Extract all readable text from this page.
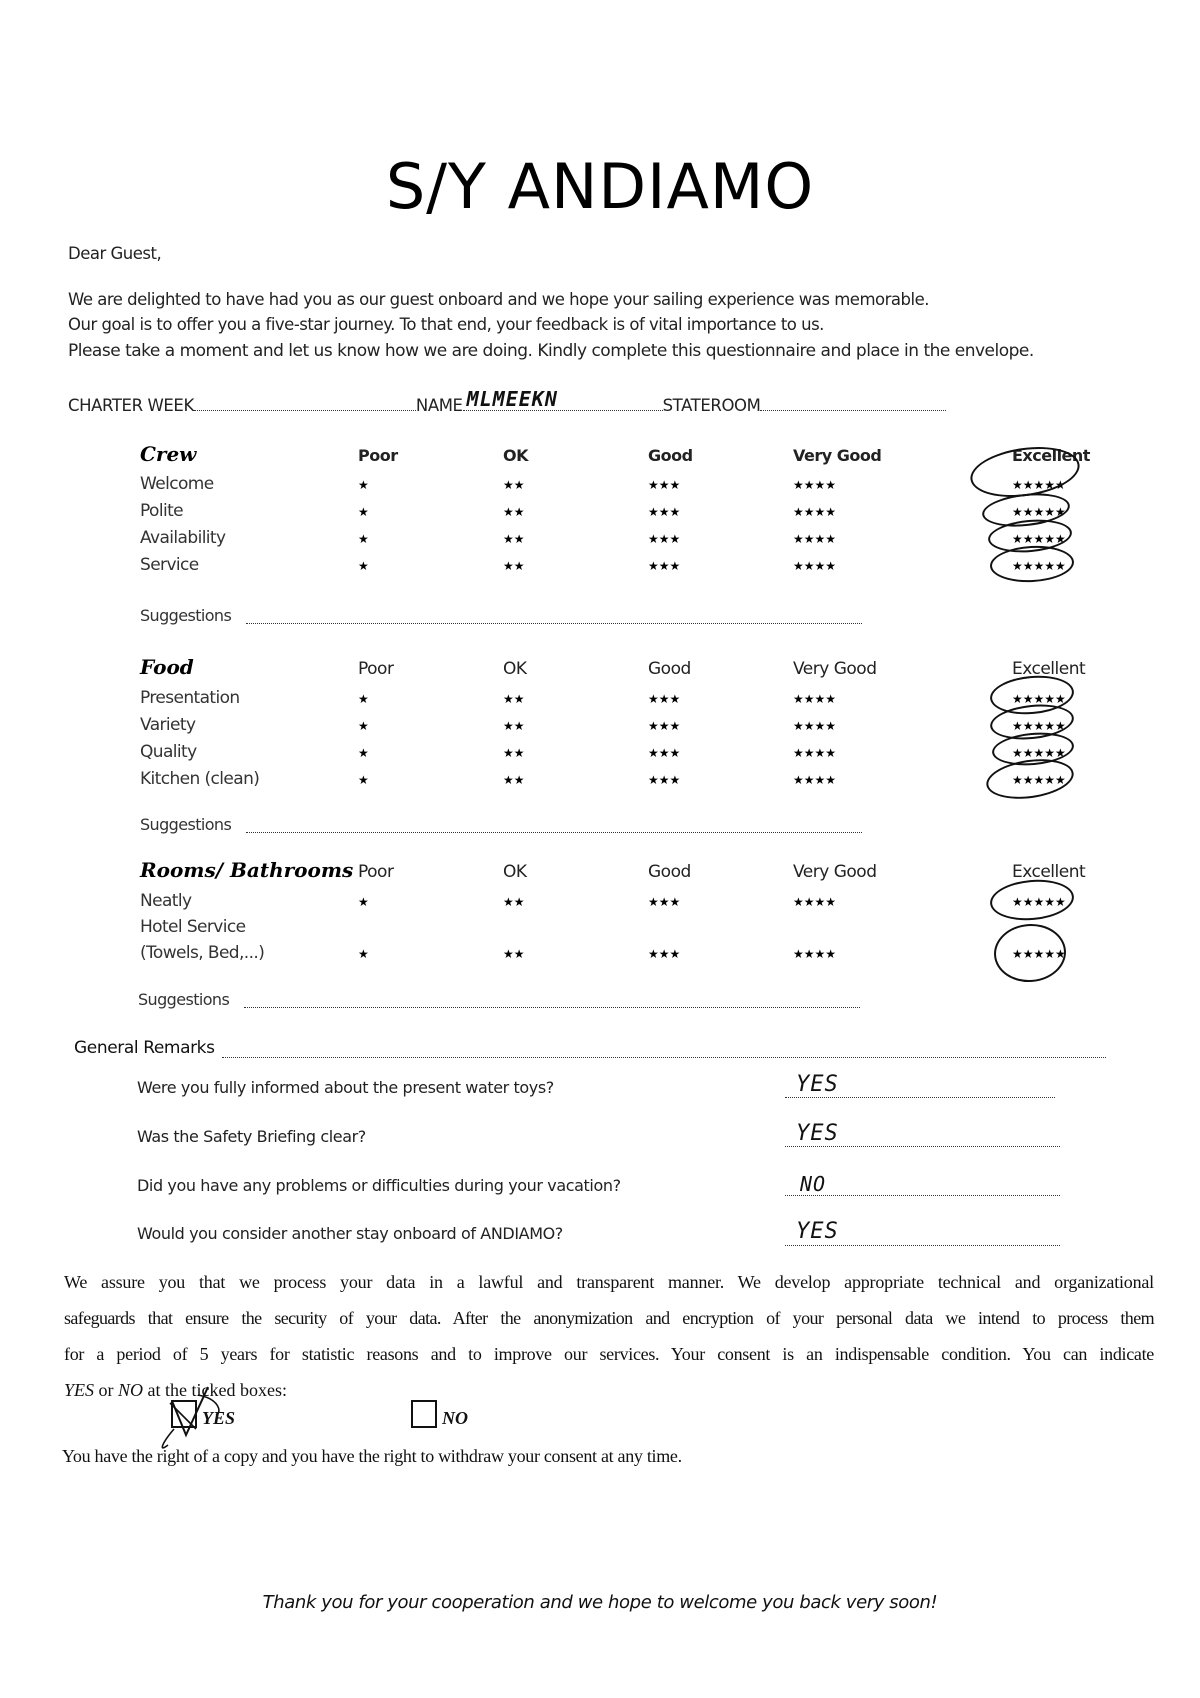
S/Y ANDIAMO
Dear Guest,
We are delighted to have had you as our guest onboard and we hope your sailing experience was memorable.
Our goal is to offer you a five-star journey. To that end, your feedback is of vital importance to us.
Please take a moment and let us know how we are doing. Kindly complete this questionnaire and place in the envelope.
CHARTER WEEK	NAME MLMEEKN	STATEROOM
Crew	Poor	OK	Good	Very Good	Excellent
Welcome	★	★★	★★★	★★★★	★★★★★
Polite	★	★★	★★★	★★★★	★★★★★
Availability	★	★★	★★★	★★★★	★★★★★
Service	★	★★	★★★	★★★★	★★★★★
Suggestions
Food	Poor	OK	Good	Very Good	Excellent
Presentation	★	★★	★★★	★★★★	★★★★★
Variety	★	★★	★★★	★★★★	★★★★★
Quality	★	★★	★★★	★★★★	★★★★★
Kitchen (clean)	★	★★	★★★	★★★★	★★★★★
Suggestions
Rooms/ Bathrooms Poor	OK	Good	Very Good	Excellent
Neatly	★	★★	★★★	★★★★	★★★★★
Hotel Service
(Towels, Bed,...)	★	★★	★★★	★★★★	★★★★★
Suggestions
General Remarks
Were you fully informed about the present water toys?	YES
Was the Safety Briefing clear?	YES
Did you have any problems or difficulties during your vacation?	NO
Would you consider another stay onboard of ANDIAMO?	YES
We assure you that we process your data in a lawful and transparent manner. We develop appropriate technical and organizational
safeguards that ensure the security of your data. After the anonymization and encryption of your personal data we intend to process them
for a period of 5 years for statistic reasons and to improve our services. Your consent is an indispensable condition. You can indicate
YES or NO at the ticked boxes:
YES	NO
You have the right of a copy and you have the right to withdraw your consent at any time.
Thank you for your cooperation and we hope to welcome you back very soon!
